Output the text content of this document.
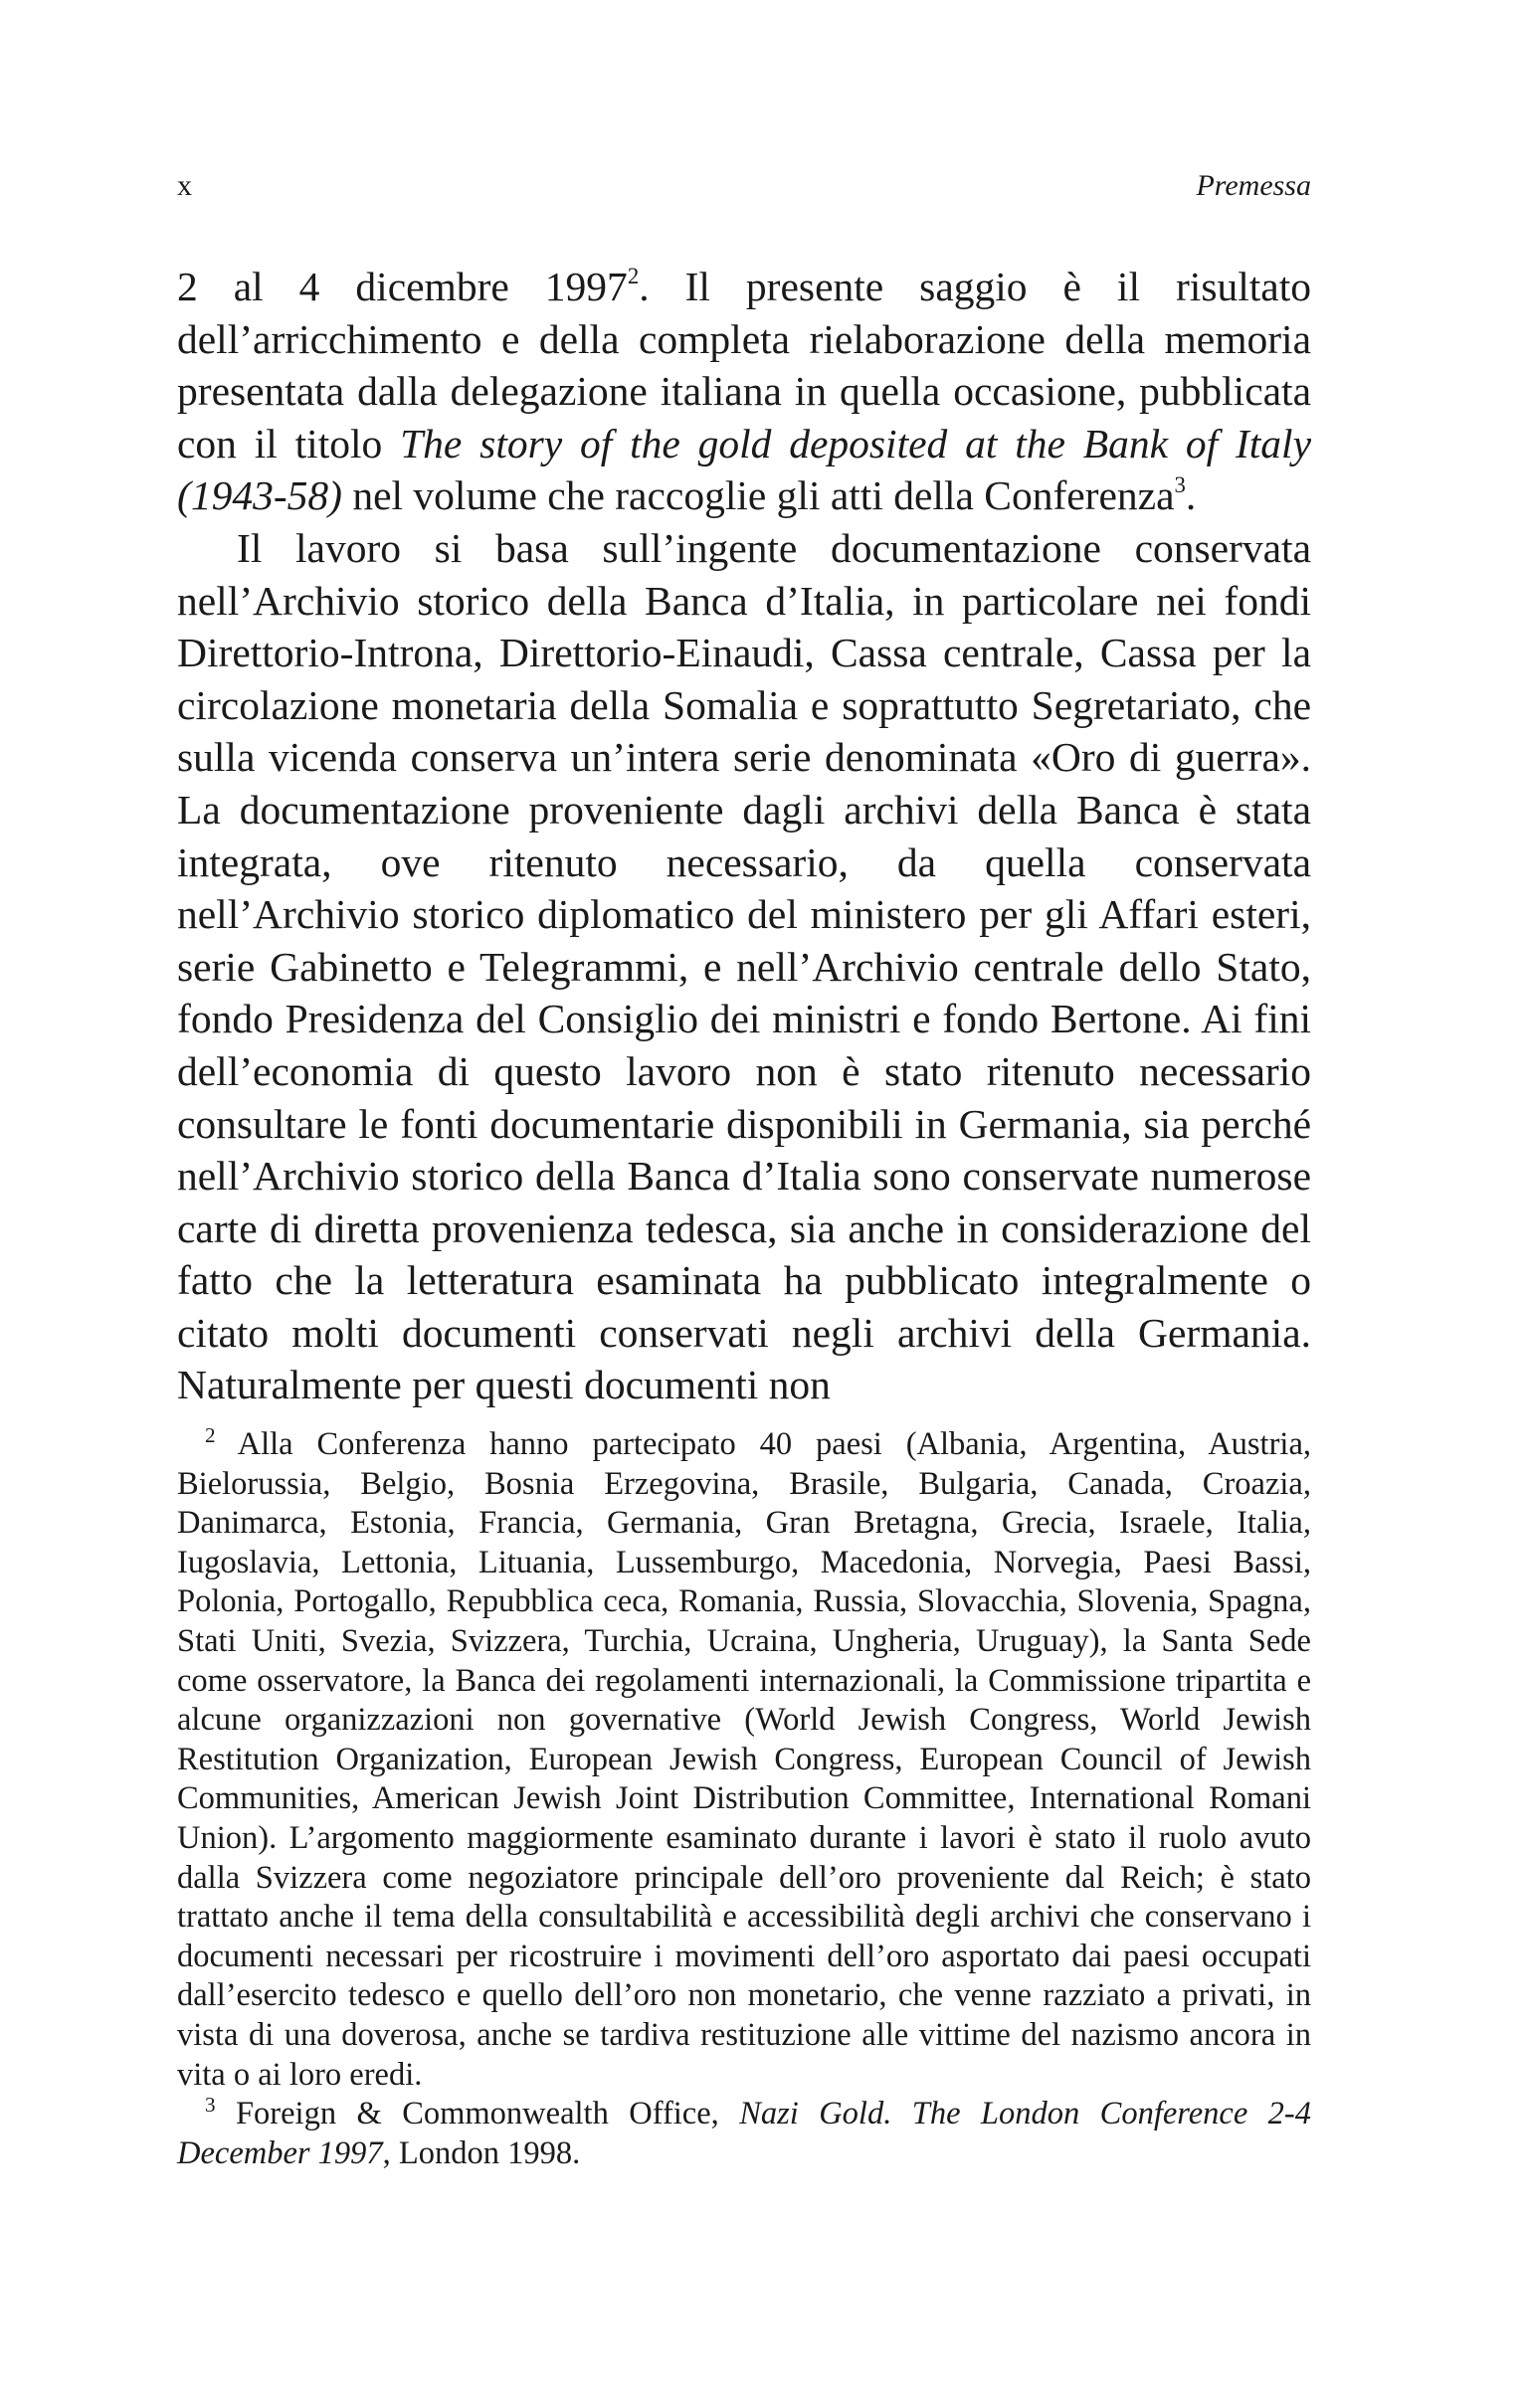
x	Premessa

2 al 4 dicembre 1997$^2$. Il presente saggio è il risultato dell’arricchimento e della completa rielaborazione della memoria presentata dalla delegazione italiana in quella occasione, pubblicata con il titolo The story of the gold deposited at the Bank of Italy (1943-58) nel volume che raccoglie gli atti della Conferenza$^3$.

Il lavoro si basa sull’ingente documentazione conservata nell’Archivio storico della Banca d’Italia, in particolare nei fondi Direttorio-Introna, Direttorio-Einaudi, Cassa centrale, Cassa per la circolazione monetaria della Somalia e soprattutto Segretariato, che sulla vicenda conserva un’intera serie denominata «Oro di guerra». La documentazione proveniente dagli archivi della Banca è stata integrata, ove ritenuto necessario, da quella conservata nell’Archivio storico diplomatico del ministero per gli Affari esteri, serie Gabinetto e Telegrammi, e nell’Archivio centrale dello Stato, fondo Presidenza del Consiglio dei ministri e fondo Bertone. Ai fini dell’economia di questo lavoro non è stato ritenuto necessario consultare le fonti documentarie disponibili in Germania, sia perché nell’Archivio storico della Banca d’Italia sono conservate numerose carte di diretta provenienza tedesca, sia anche in considerazione del fatto che la letteratura esaminata ha pubblicato integralmente o citato molti documenti conservati negli archivi della Germania. Naturalmente per questi documenti non

$^2$ Alla Conferenza hanno partecipato 40 paesi (Albania, Argentina, Austria, Bielorussia, Belgio, Bosnia Erzegovina, Brasile, Bulgaria, Canada, Croazia, Danimarca, Estonia, Francia, Germania, Gran Bretagna, Grecia, Israele, Italia, Iugoslavia, Lettonia, Lituania, Lussemburgo, Macedonia, Norvegia, Paesi Bassi, Polonia, Portogallo, Repubblica ceca, Romania, Russia, Slovacchia, Slovenia, Spagna, Stati Uniti, Svezia, Svizzera, Turchia, Ucraina, Ungheria, Uruguay), la Santa Sede come osservatore, la Banca dei regolamenti internazionali, la Commissione tripartita e alcune organizzazioni non governative (World Jewish Congress, World Jewish Restitution Organization, European Jewish Congress, European Council of Jewish Communities, American Jewish Joint Distribution Committee, International Romani Union). L’argomento maggiormente esaminato durante i lavori è stato il ruolo avuto dalla Svizzera come negoziatore principale dell’oro proveniente dal Reich; è stato trattato anche il tema della consultabilità e accessibilità degli archivi che conservano i documenti necessari per ricostruire i movimenti dell’oro asportato dai paesi occupati dall’esercito tedesco e quello dell’oro non monetario, che venne razziato a privati, in vista di una doverosa, anche se tardiva restituzione alle vittime del nazismo ancora in vita o ai loro eredi.

$^3$ Foreign & Commonwealth Office, Nazi Gold. The London Conference 2-4 December 1997, London 1998.
